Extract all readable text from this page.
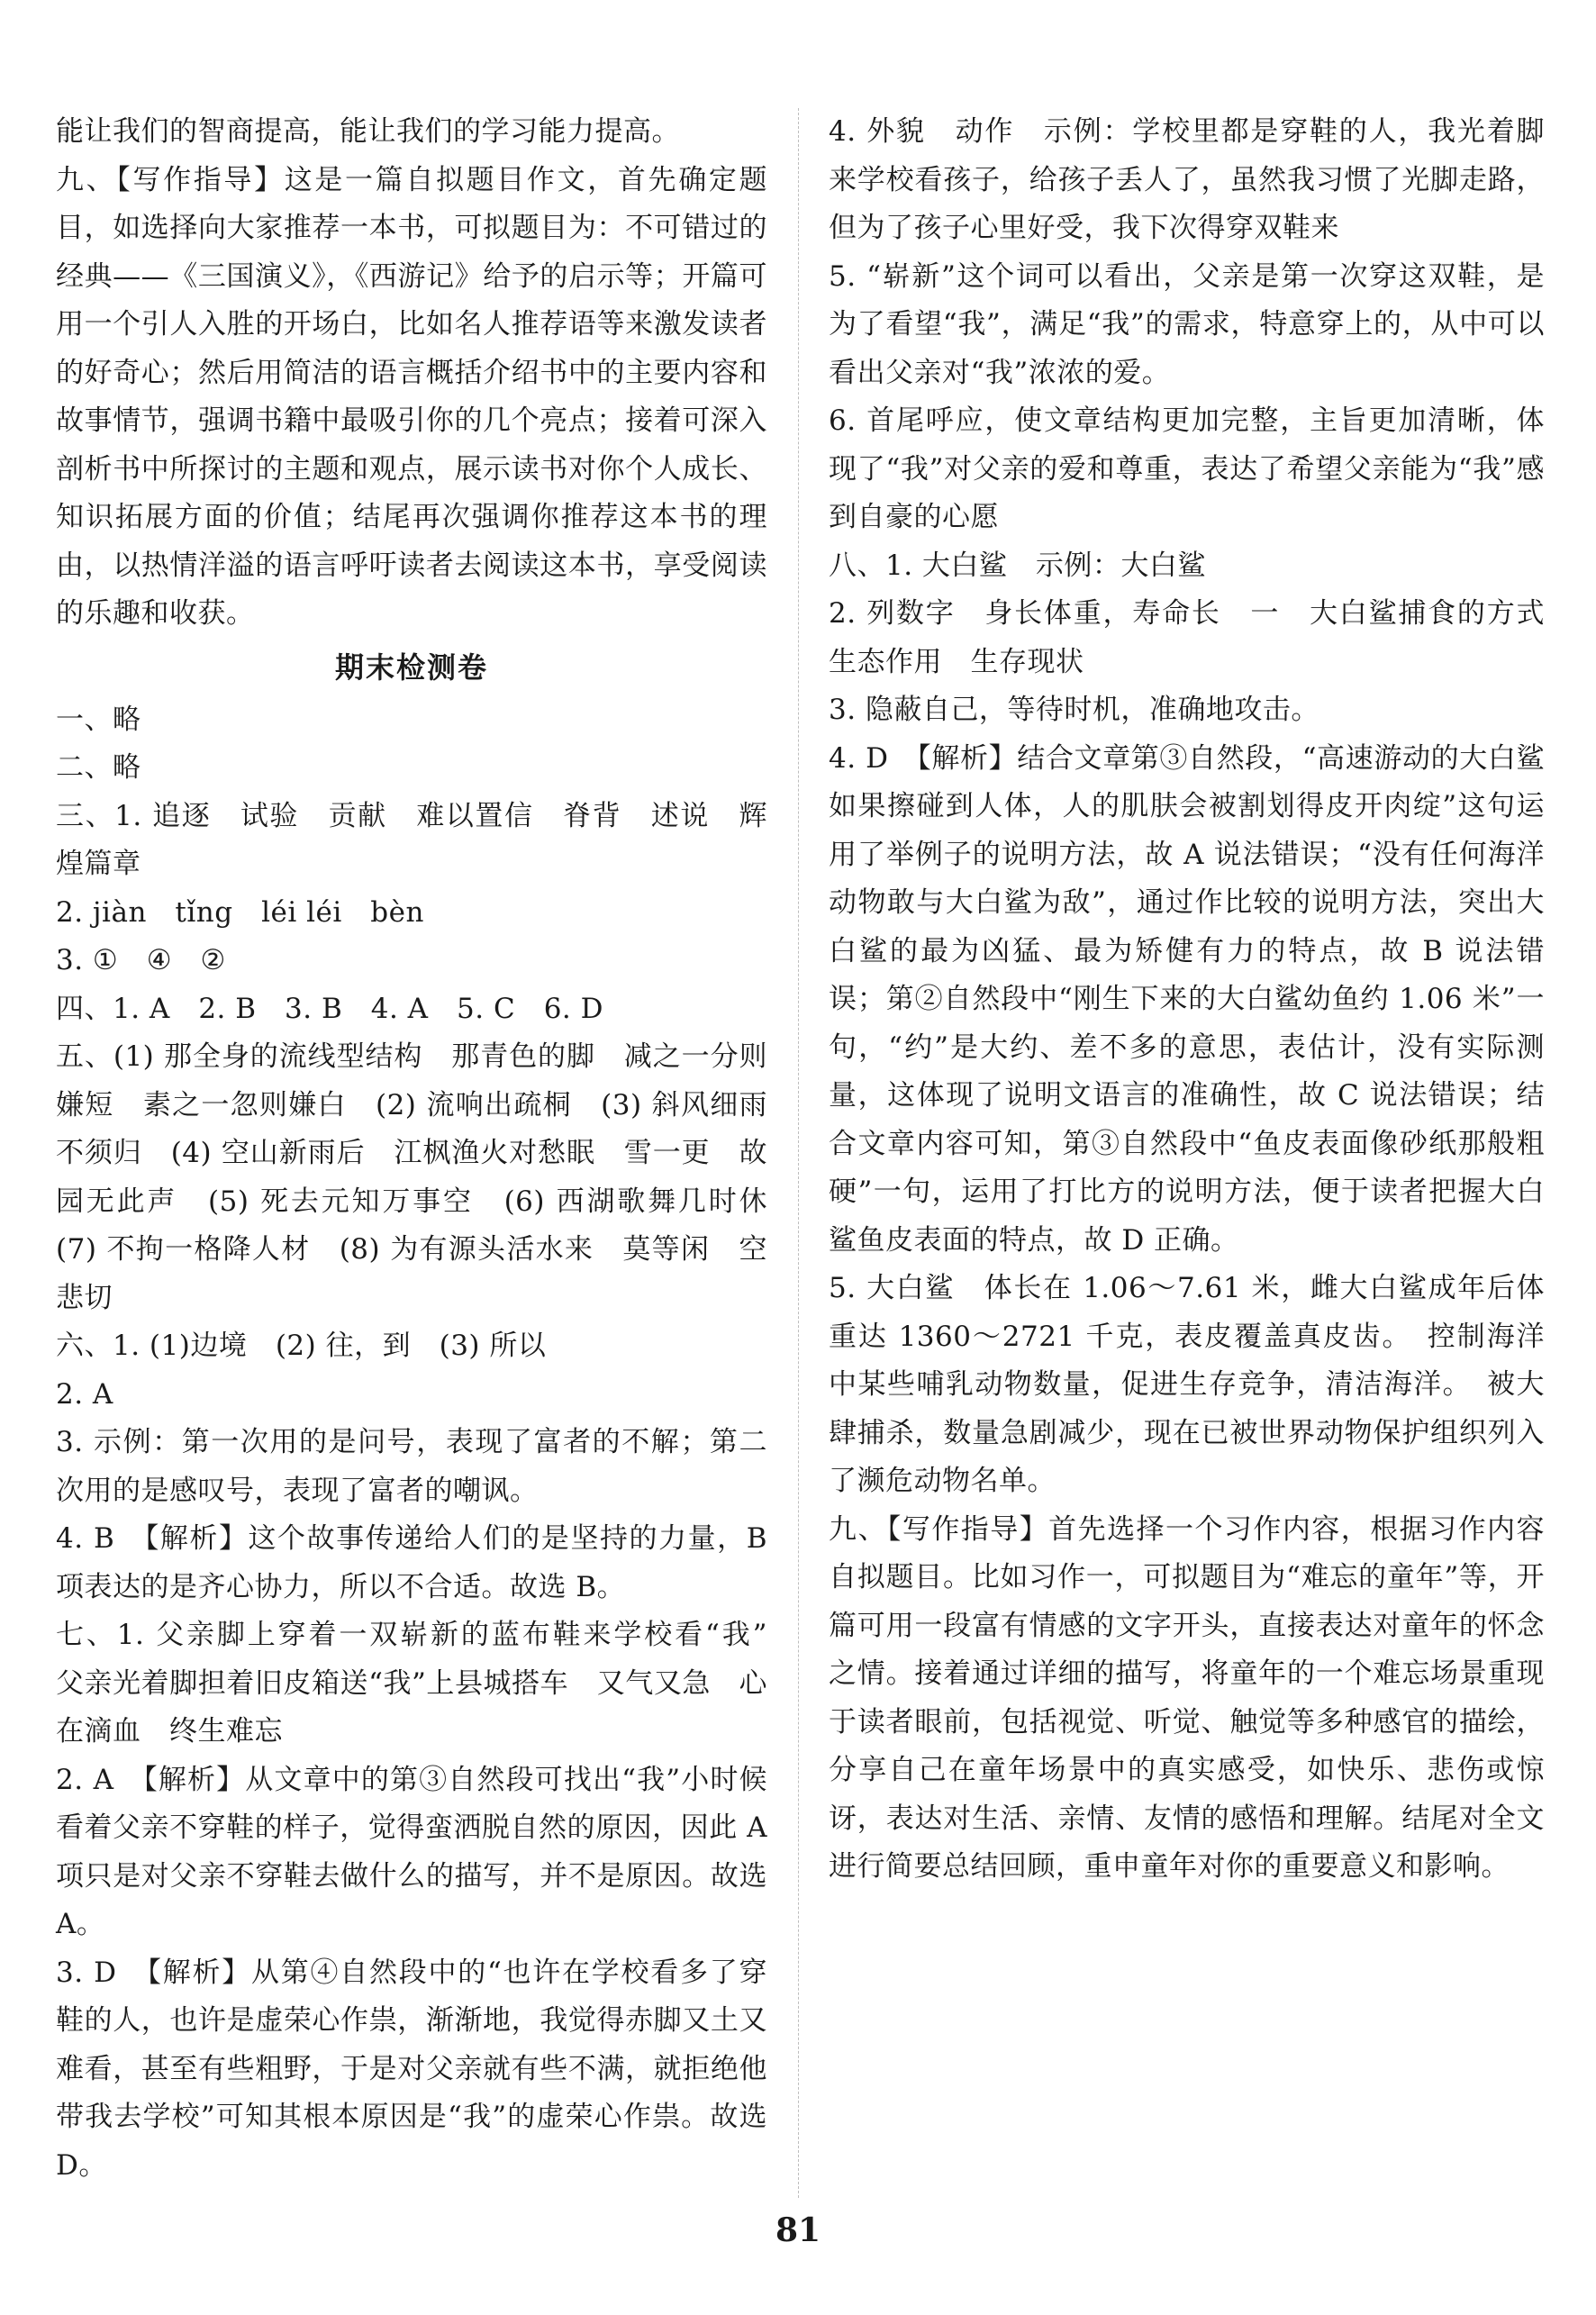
能让我们的智商提高，能让我们的学习能力提高。

九、【写作指导】这是一篇自拟题目作文，首先确定题目，如选择向大家推荐一本书，可拟题目为：不可错过的经典——《三国演义》，《西游记》给予的启示等；开篇可用一个引人入胜的开场白，比如名人推荐语等来激发读者的好奇心；然后用简洁的语言概括介绍书中的主要内容和故事情节，强调书籍中最吸引你的几个亮点；接着可深入剖析书中所探讨的主题和观点，展示读书对你个人成长、知识拓展方面的价值；结尾再次强调你推荐这本书的理由，以热情洋溢的语言呼吁读者去阅读这本书，享受阅读的乐趣和收获。

期末检测卷

一、略

二、略

三、1. 追逐　试验　贡献　难以置信　脊背　述说　辉煌篇章

2. jiàn　tǐng　léi léi　bèn

3. ①　④　②

四、1. A　2. B　3. B　4. A　5. C　6. D

五、(1) 那全身的流线型结构　那青色的脚　减之一分则嫌短　素之一忽则嫌白　(2) 流响出疏桐　(3) 斜风细雨不须归　(4) 空山新雨后　江枫渔火对愁眠　雪一更　故园无此声　(5) 死去元知万事空　(6) 西湖歌舞几时休　(7) 不拘一格降人材　(8) 为有源头活水来　莫等闲　空悲切

六、1. (1)边境　(2) 往，到　(3) 所以

2. A

3. 示例：第一次用的是问号，表现了富者的不解；第二次用的是感叹号，表现了富者的嘲讽。

4. B　【解析】这个故事传递给人们的是坚持的力量，B项表达的是齐心协力，所以不合适。故选 B。

七、1. 父亲脚上穿着一双崭新的蓝布鞋来学校看“我”　父亲光着脚担着旧皮箱送“我”上县城搭车　又气又急　心在滴血　终生难忘

2. A　【解析】从文章中的第③自然段可找出“我”小时候看着父亲不穿鞋的样子，觉得蛮洒脱自然的原因，因此 A 项只是对父亲不穿鞋去做什么的描写，并不是原因。故选 A。

3. D　【解析】从第④自然段中的“也许在学校看多了穿鞋的人，也许是虚荣心作祟，渐渐地，我觉得赤脚又土又难看，甚至有些粗野，于是对父亲就有些不满，就拒绝他带我去学校”可知其根本原因是“我”的虚荣心作祟。故选 D。

4. 外貌　动作　示例：学校里都是穿鞋的人，我光着脚来学校看孩子，给孩子丢人了，虽然我习惯了光脚走路，但为了孩子心里好受，我下次得穿双鞋来

5. “崭新”这个词可以看出，父亲是第一次穿这双鞋，是为了看望“我”，满足“我”的需求，特意穿上的，从中可以看出父亲对“我”浓浓的爱。

6. 首尾呼应，使文章结构更加完整，主旨更加清晰，体现了“我”对父亲的爱和尊重，表达了希望父亲能为“我”感到自豪的心愿

八、1. 大白鲨　示例：大白鲨

2. 列数字　身长体重，寿命长　一　大白鲨捕食的方式　生态作用　生存现状

3. 隐蔽自己，等待时机，准确地攻击。

4. D　【解析】结合文章第③自然段，“高速游动的大白鲨如果擦碰到人体，人的肌肤会被割划得皮开肉绽”这句运用了举例子的说明方法，故 A 说法错误；“没有任何海洋动物敢与大白鲨为敌”，通过作比较的说明方法，突出大白鲨的最为凶猛、最为矫健有力的特点，故 B 说法错误；第②自然段中“刚生下来的大白鲨幼鱼约 1.06 米”一句，“约”是大约、差不多的意思，表估计，没有实际测量，这体现了说明文语言的准确性，故 C 说法错误；结合文章内容可知，第③自然段中“鱼皮表面像砂纸那般粗硬”一句，运用了打比方的说明方法，便于读者把握大白鲨鱼皮表面的特点，故 D 正确。

5. 大白鲨　体长在 1.06～7.61 米，雌大白鲨成年后体重达 1360～2721 千克，表皮覆盖真皮齿。　控制海洋中某些哺乳动物数量，促进生存竞争，清洁海洋。　被大肆捕杀，数量急剧减少，现在已被世界动物保护组织列入了濒危动物名单。

九、【写作指导】首先选择一个习作内容，根据习作内容自拟题目。比如习作一，可拟题目为“难忘的童年”等，开篇可用一段富有情感的文字开头，直接表达对童年的怀念之情。接着通过详细的描写，将童年的一个难忘场景重现于读者眼前，包括视觉、听觉、触觉等多种感官的描绘，分享自己在童年场景中的真实感受，如快乐、悲伤或惊讶，表达对生活、亲情、友情的感悟和理解。结尾对全文进行简要总结回顾，重申童年对你的重要意义和影响。

81
